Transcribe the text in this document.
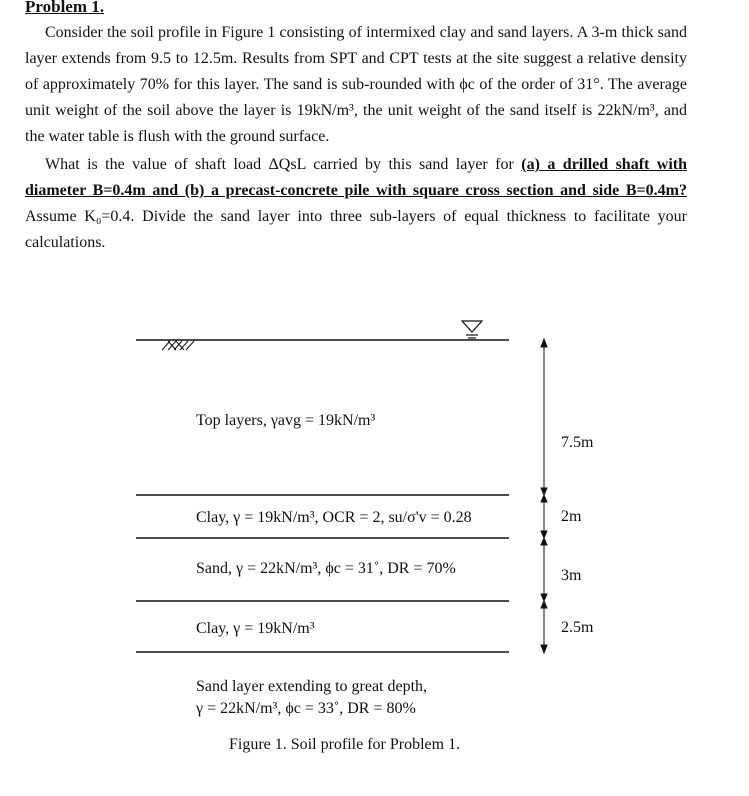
Problem 1.
Consider the soil profile in Figure 1 consisting of intermixed clay and sand layers. A 3-m thick sand layer extends from 9.5 to 12.5m. Results from SPT and CPT tests at the site suggest a relative density of approximately 70% for this layer. The sand is sub-rounded with ϕc of the order of 31°. The average unit weight of the soil above the layer is 19kN/m³, the unit weight of the sand itself is 22kN/m³, and the water table is flush with the ground surface.
What is the value of shaft load ΔQsL carried by this sand layer for (a) a drilled shaft with diameter B=0.4m and (b) a precast-concrete pile with square cross section and side B=0.4m? Assume K₀=0.4. Divide the sand layer into three sub-layers of equal thickness to facilitate your calculations.
Top layers, γavg = 19kN/m³
Clay, γ = 19kN/m³, OCR = 2, su/σ'v = 0.28
Sand, γ = 22kN/m³, ϕc = 31˚, DR = 70%
Clay, γ = 19kN/m³
7.5m
2m
3m
2.5m
Sand layer extending to great depth,
γ = 22kN/m³, ϕc = 33˚, DR = 80%
Figure 1. Soil profile for Problem 1.
